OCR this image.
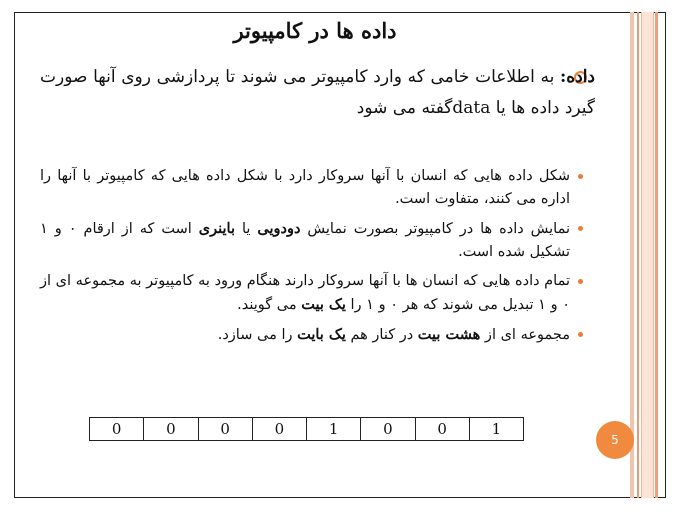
داده ها در کامپیوتر
داده: به اطلاعات خامی که وارد کامپیوتر می شوند تا پردازشی روی آنها صورت گیرد داده ها یا dataگفته می شود
شکل داده هایی که انسان با آنها سروکار دارد با شکل داده هایی که کامپیوتر با آنها را اداره می کنند، متفاوت است.
نمایش داده ها در کامپیوتر بصورت نمایش دودویی یا باینری است که از ارقام ۰ و ۱ تشکیل شده است.
تمام داده هایی که انسان ها با آنها سروکار دارند هنگام ورود به کامپیوتر به مجموعه ای از ۰ و ۱ تبدیل می شوند که هر ۰ و ۱ را یک بیت می گویند.
مجموعه ای از هشت بیت در کنار هم یک بایت را می سازد.
0	0	0	0	1	0	0	1
5
